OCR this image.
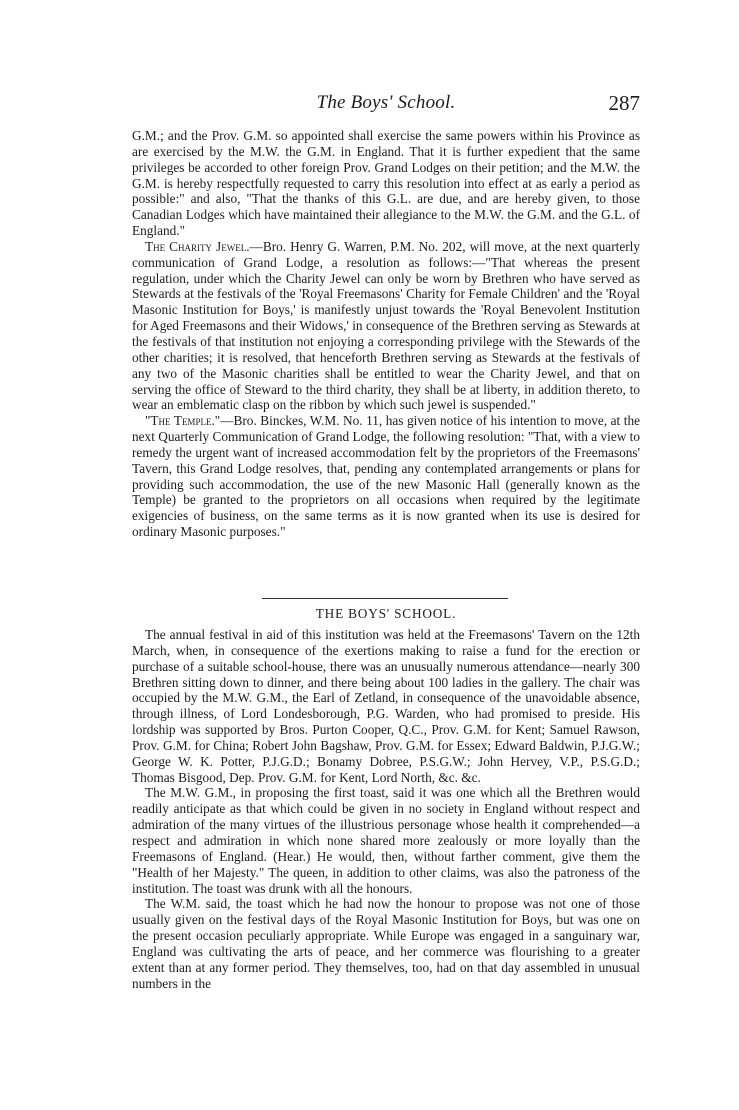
The Boys' School.	287

G.M.; and the Prov. G.M. so appointed shall exercise the same powers within his Province as are exercised by the M.W. the G.M. in England. That it is further expedient that the same privileges be accorded to other foreign Prov. Grand Lodges on their petition; and the M.W. the G.M. is hereby respectfully requested to carry this resolution into effect at as early a period as possible:" and also, "That the thanks of this G.L. are due, and are hereby given, to those Canadian Lodges which have maintained their allegiance to the M.W. the G.M. and the G.L. of England."

The Charity Jewel.—Bro. Henry G. Warren, P.M. No. 202, will move, at the next quarterly communication of Grand Lodge, a resolution as follows:—"That whereas the present regulation, under which the Charity Jewel can only be worn by Brethren who have served as Stewards at the festivals of the 'Royal Freemasons' Charity for Female Children' and the 'Royal Masonic Institution for Boys,' is manifestly unjust towards the 'Royal Benevolent Institution for Aged Freemasons and their Widows,' in consequence of the Brethren serving as Stewards at the festivals of that institution not enjoying a corresponding privilege with the Stewards of the other charities; it is resolved, that henceforth Brethren serving as Stewards at the festivals of any two of the Masonic charities shall be entitled to wear the Charity Jewel, and that on serving the office of Steward to the third charity, they shall be at liberty, in addition thereto, to wear an emblematic clasp on the ribbon by which such jewel is suspended."

"The Temple."—Bro. Binckes, W.M. No. 11, has given notice of his intention to move, at the next Quarterly Communication of Grand Lodge, the following resolution: "That, with a view to remedy the urgent want of increased accommodation felt by the proprietors of the Freemasons' Tavern, this Grand Lodge resolves, that, pending any contemplated arrangements or plans for providing such accommodation, the use of the new Masonic Hall (generally known as the Temple) be granted to the proprietors on all occasions when required by the legitimate exigencies of business, on the same terms as it is now granted when its use is desired for ordinary Masonic purposes."

THE BOYS' SCHOOL.

The annual festival in aid of this institution was held at the Freemasons' Tavern on the 12th March, when, in consequence of the exertions making to raise a fund for the erection or purchase of a suitable school-house, there was an unusually numerous attendance—nearly 300 Brethren sitting down to dinner, and there being about 100 ladies in the gallery. The chair was occupied by the M.W. G.M., the Earl of Zetland, in consequence of the unavoidable absence, through illness, of Lord Londesborough, P.G. Warden, who had promised to preside. His lordship was supported by Bros. Purton Cooper, Q.C., Prov. G.M. for Kent; Samuel Rawson, Prov. G.M. for China; Robert John Bagshaw, Prov. G.M. for Essex; Edward Baldwin, P.J.G.W.; George W. K. Potter, P.J.G.D.; Bonamy Dobree, P.S.G.W.; John Hervey, V.P., P.S.G.D.; Thomas Bisgood, Dep. Prov. G.M. for Kent, Lord North, &c. &c.

The M.W. G.M., in proposing the first toast, said it was one which all the Brethren would readily anticipate as that which could be given in no society in England without respect and admiration of the many virtues of the illustrious personage whose health it comprehended—a respect and admiration in which none shared more zealously or more loyally than the Freemasons of England. (Hear.) He would, then, without farther comment, give them the "Health of her Majesty." The queen, in addition to other claims, was also the patroness of the institution. The toast was drunk with all the honours.

The W.M. said, the toast which he had now the honour to propose was not one of those usually given on the festival days of the Royal Masonic Institution for Boys, but was one on the present occasion peculiarly appropriate. While Europe was engaged in a sanguinary war, England was cultivating the arts of peace, and her commerce was flourishing to a greater extent than at any former period. They themselves, too, had on that day assembled in unusual numbers in the
